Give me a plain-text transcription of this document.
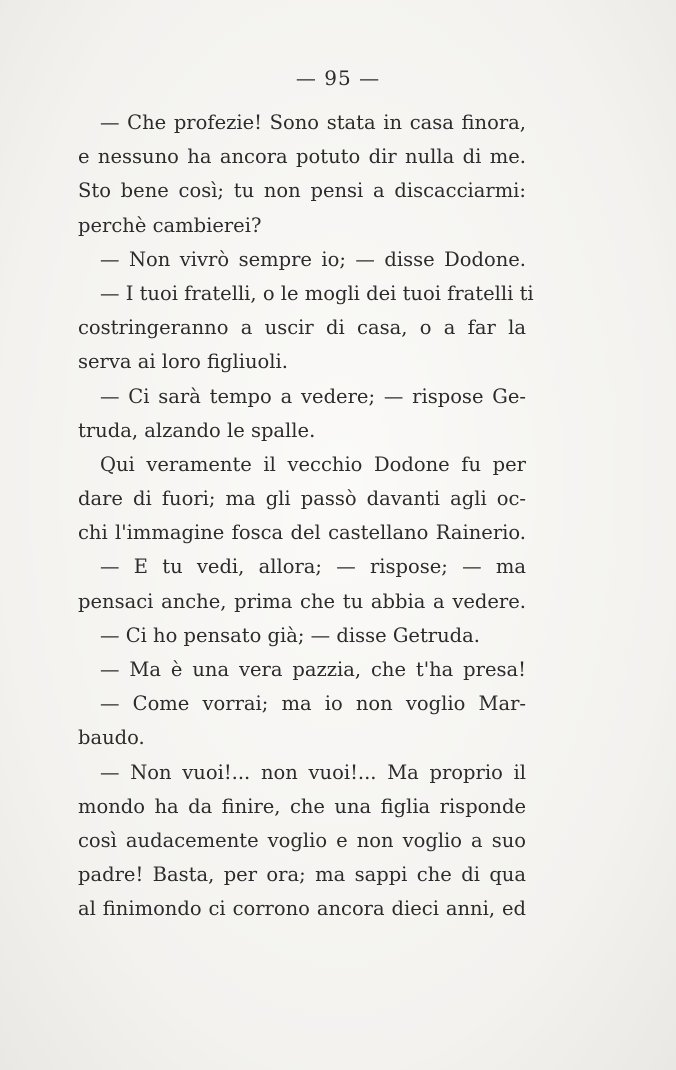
— 95 —
— Che profezie! Sono stata in casa finora,
e nessuno ha ancora potuto dir nulla di me.
Sto bene così; tu non pensi a discacciarmi:
perchè cambierei?
— Non vivrò sempre io; — disse Dodone.
— I tuoi fratelli, o le mogli dei tuoi fratelli ti
costringeranno a uscir di casa, o a far la
serva ai loro figliuoli.
— Ci sarà tempo a vedere; — rispose Ge-
truda, alzando le spalle.
Qui veramente il vecchio Dodone fu per
dare di fuori; ma gli passò davanti agli oc-
chi l'immagine fosca del castellano Rainerio.
— E tu vedi, allora; — rispose; — ma
pensaci anche, prima che tu abbia a vedere.
— Ci ho pensato già; — disse Getruda.
— Ma è una vera pazzia, che t'ha presa!
— Come vorrai; ma io non voglio Mar-
baudo.
— Non vuoi!... non vuoi!... Ma proprio il
mondo ha da finire, che una figlia risponde
così audacemente voglio e non voglio a suo
padre! Basta, per ora; ma sappi che di qua
al finimondo ci corrono ancora dieci anni, ed
